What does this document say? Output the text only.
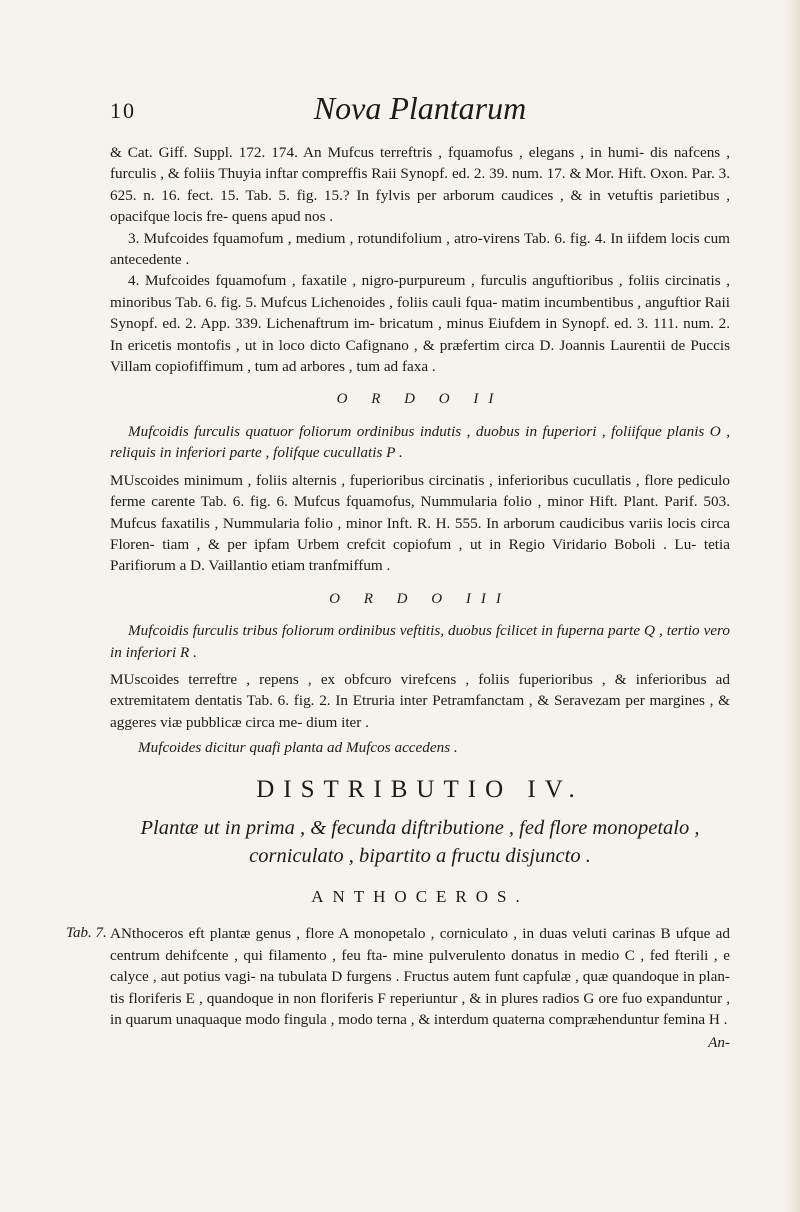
10	Nova Plantarum

& Cat. Giff. Suppl. 172. 174. An Mufcus terreftris , fquamofus , elegans , in humi- dis nafcens , furculis , & foliis Thuyia inftar compreffis Raii Synopf. ed. 2. 39. num. 17. & Mor. Hift. Oxon. Par. 3. 625. n. 16. fect. 15. Tab. 5. fig. 15.? In fylvis per arborum caudices , & in vetuftis parietibus , opacifque locis fre- quens apud nos .

3. Mufcoides fquamofum , medium , rotundifolium , atro-virens Tab. 6. fig. 4. In iifdem locis cum antecedente .

4. Mufcoides fquamofum , faxatile , nigro-purpureum , furculis anguftioribus , foliis circinatis , minoribus Tab. 6. fig. 5. Mufcus Lichenoides , foliis cauli fqua- matim incumbentibus , anguftior Raii Synopf. ed. 2. App. 339. Lichenaftrum im- bricatum , minus Eiufdem in Synopf. ed. 3. 111. num. 2. In ericetis montofis , ut in loco dicto Cafignano , & præfertim circa D. Joannis Laurentii de Puccis Villam copiofiffimum , tum ad arbores , tum ad faxa .

O R D O II

Mufcoidis furculis quatuor foliorum ordinibus indutis , duobus in fuperiori , foliifque planis O , reliquis in inferiori parte , folifque cucullatis P .

MUscoides minimum , foliis alternis , fuperioribus circinatis , inferioribus cucullatis , flore pediculo ferme carente Tab. 6. fig. 6. Mufcus fquamofus, Nummularia folio , minor Hift. Plant. Parif. 503. Mufcus faxatilis , Nummularia folio , minor Inft. R. H. 555. In arborum caudicibus variis locis circa Floren- tiam , & per ipfam Urbem crefcit copiofum , ut in Regio Viridario Boboli . Lu- tetia Parifiorum a D. Vaillantio etiam tranfmiffum .

O R D O III

Mufcoidis furculis tribus foliorum ordinibus veftitis, duobus fcilicet in fuperna parte Q , tertio vero in inferiori R .

MUscoides terreftre , repens , ex obfcuro virefcens , foliis fuperioribus , & inferioribus ad extremitatem dentatis Tab. 6. fig. 2. In Etruria inter Petramfanctam , & Seravezam per margines , & aggeres viæ pubblicæ circa me- dium iter .

Mufcoides dicitur quafi planta ad Mufcos accedens .

DISTRIBUTIO IV.

Plantæ ut in prima , & fecunda diftributione , fed flore monopetalo , corniculato , bipartito a fructu disjuncto .

ANTHOCEROS.

Tab. 7. ANthoceros eft plantæ genus , flore A monopetalo , corniculato , in duas veluti carinas B ufque ad centrum dehifcente , qui filamento , feu fta- mine pulverulento donatus in medio C , fed fterili , e calyce , aut potius vagi- na tubulata D furgens . Fructus autem funt capfulæ , quæ quandoque in plan- tis floriferis E , quandoque in non floriferis F reperiuntur , & in plures radios G ore fuo expanduntur , in quarum unaquaque modo fingula , modo terna , & interdum quaterna compræhenduntur femina H .

An-
